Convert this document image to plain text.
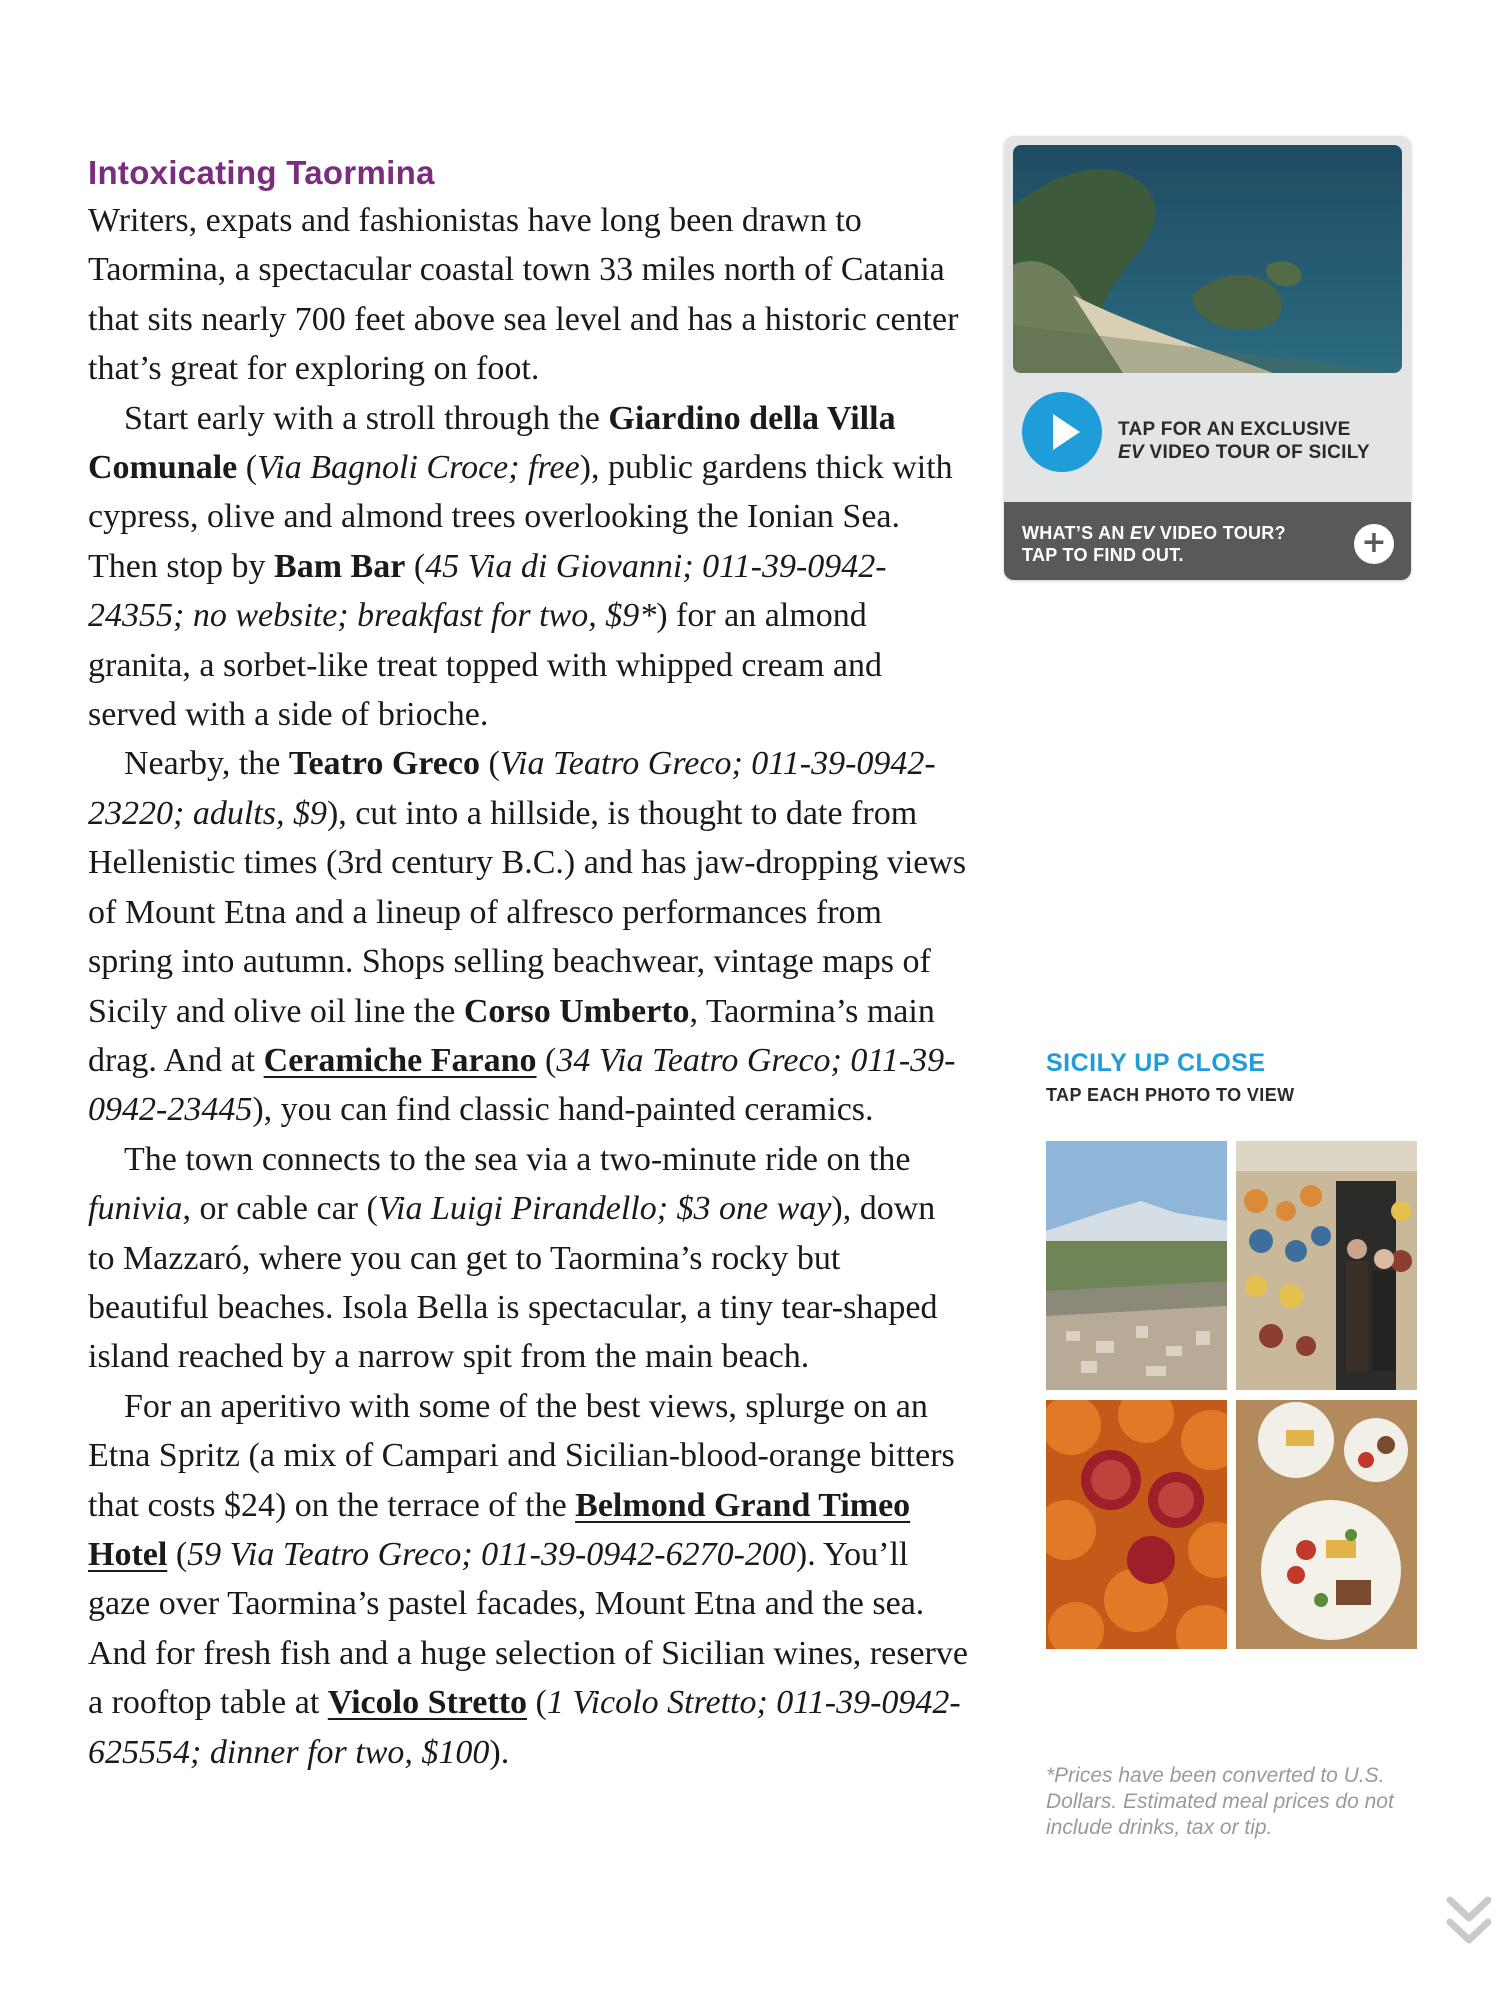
Intoxicating Taormina

Writers, expats and fashionistas have long been drawn to Taormina, a spectacular coastal town 33 miles north of Catania that sits nearly 700 feet above sea level and has a historic center that’s great for exploring on foot.

Start early with a stroll through the Giardino della Villa Comunale (Via Bagnoli Croce; free), public gardens thick with cypress, olive and almond trees overlooking the Ionian Sea. Then stop by Bam Bar (45 Via di Giovanni; 011-39-0942-24355; no website; breakfast for two, $9*) for an almond granita, a sorbet-like treat topped with whipped cream and served with a side of brioche.

Nearby, the Teatro Greco (Via Teatro Greco; 011-39-0942-23220; adults, $9), cut into a hillside, is thought to date from Hellenistic times (3rd century B.C.) and has jaw-dropping views of Mount Etna and a lineup of alfresco performances from spring into autumn. Shops selling beachwear, vintage maps of Sicily and olive oil line the Corso Umberto, Taormina’s main drag. And at Ceramiche Farano (34 Via Teatro Greco; 011-39-0942-23445), you can find classic hand-painted ceramics.

The town connects to the sea via a two-minute ride on the funivia, or cable car (Via Luigi Pirandello; $3 one way), down to Mazzaró, where you can get to Taormina’s rocky but beautiful beaches. Isola Bella is spectacular, a tiny tear-shaped island reached by a narrow spit from the main beach.

For an aperitivo with some of the best views, splurge on an Etna Spritz (a mix of Campari and Sicilian-blood-orange bitters that costs $24) on the terrace of the Belmond Grand Timeo Hotel (59 Via Teatro Greco; 011-39-0942-6270-200). You’ll gaze over Taormina’s pastel facades, Mount Etna and the sea. And for fresh fish and a huge selection of Sicilian wines, reserve a rooftop table at Vicolo Stretto (1 Vicolo Stretto; 011-39-0942-625554; dinner for two, $100).

TAP FOR AN EXCLUSIVE
EV VIDEO TOUR OF SICILY
WHAT’S AN EV VIDEO TOUR?
TAP TO FIND OUT.	+
SICILY UP CLOSE
TAP EACH PHOTO TO VIEW
*Prices have been converted to U.S. Dollars. Estimated meal prices do not include drinks, tax or tip.
